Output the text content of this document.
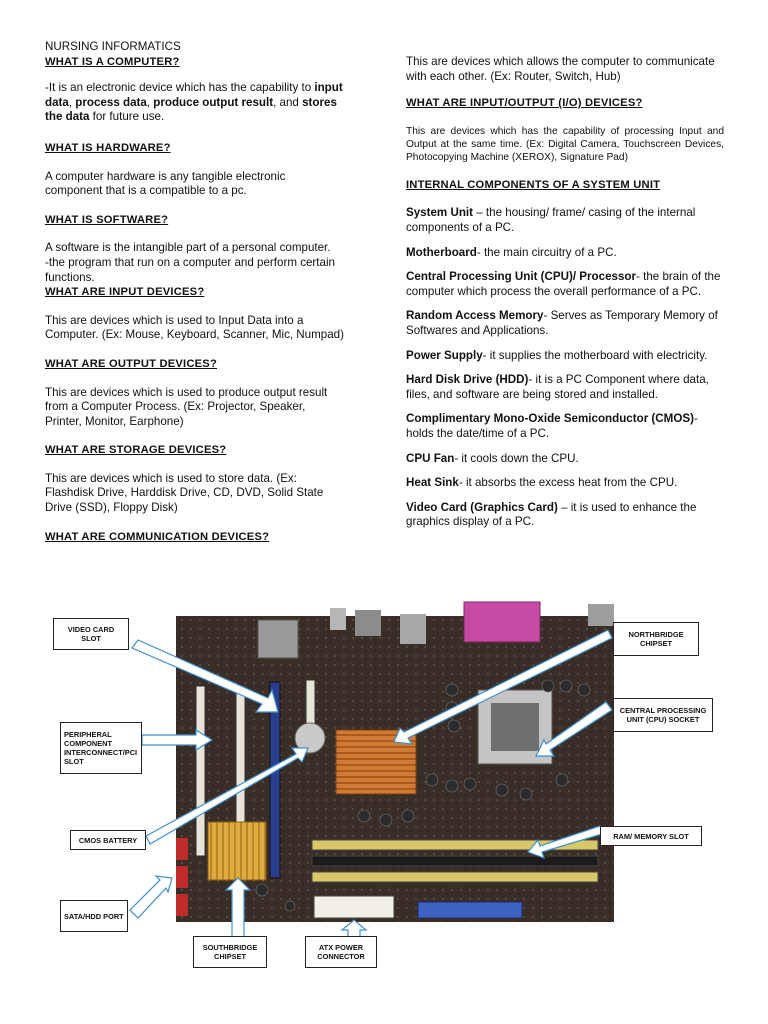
NURSING INFORMATICS

WHAT IS A COMPUTER?

-It is an electronic device which has the capability to input data, process data, produce output result, and stores the data for future use.

WHAT IS HARDWARE?

A computer hardware is any tangible electronic component that is a compatible to a pc.

WHAT IS SOFTWARE?

A software is the intangible part of a personal computer.

-the program that run on a computer and perform certain functions.

WHAT ARE INPUT DEVICES?

This are devices which is used to Input Data into a Computer. (Ex: Mouse, Keyboard, Scanner, Mic, Numpad)

WHAT ARE OUTPUT DEVICES?

This are devices which is used to produce output result from a Computer Process. (Ex: Projector, Speaker, Printer, Monitor, Earphone)

WHAT ARE STORAGE DEVICES?

This are devices which is used to store data. (Ex: Flashdisk Drive, Harddisk Drive, CD, DVD, Solid State Drive (SSD), Floppy Disk)

WHAT ARE COMMUNICATION DEVICES?

This are devices which allows the computer to communicate with each other. (Ex: Router, Switch, Hub)

WHAT ARE INPUT/OUTPUT (I/O) DEVICES?

This are devices which has the capability of processing Input and Output at the same time. (Ex: Digital Camera, Touchscreen Devices, Photocopying Machine (XEROX), Signature Pad)

INTERNAL COMPONENTS OF A SYSTEM UNIT

System Unit – the housing/ frame/ casing of the internal components of a PC.

Motherboard- the main circuitry of a PC.

Central Processing Unit (CPU)/ Processor- the brain of the computer which process the overall performance of a PC.

Random Access Memory- Serves as Temporary Memory of Softwares and Applications.

Power Supply- it supplies the motherboard with electricity.

Hard Disk Drive (HDD)- it is a PC Component where data, files, and software are being stored and installed.

Complimentary Mono-Oxide Semiconductor (CMOS)- holds the date/time of a PC.

CPU Fan- it cools down the CPU.

Heat Sink- it absorbs the excess heat from the CPU.

Video Card (Graphics Card) – it is used to enhance the graphics display of a PC.

VIDEO CARD SLOT
PERIPHERAL COMPONENT INTERCONNECT/PCI SLOT
CMOS BATTERY
SATA/HDD PORT
SOUTHBRIDGE CHIPSET
ATX POWER CONNECTOR
NORTHBRIDGE CHIPSET
CENTRAL PROCESSING UNIT (CPU) SOCKET
RAM/ MEMORY SLOT
